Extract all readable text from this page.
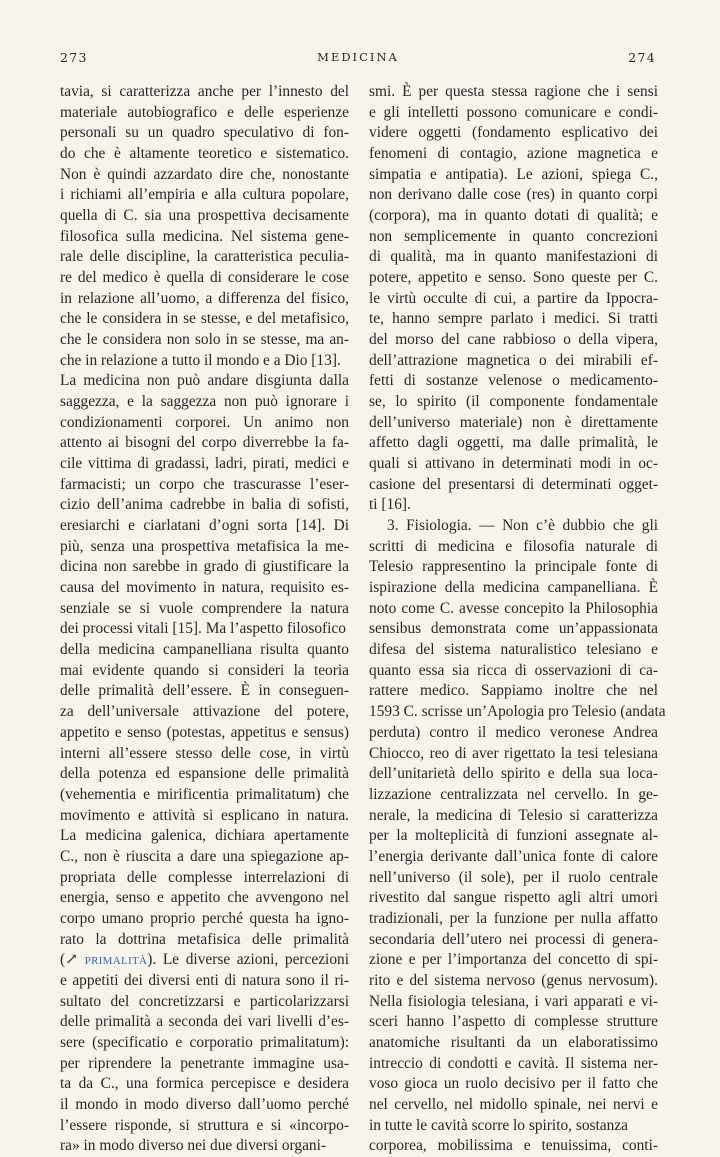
273	MEDICINA	274
tavia, si caratterizza anche per l’innesto del
materiale autobiografico e delle esperienze
personali su un quadro speculativo di fon-
do che è altamente teoretico e sistematico.
Non è quindi azzardato dire che, nonostante
i richiami all’empiria e alla cultura popolare,
quella di C. sia una prospettiva decisamente
filosofica sulla medicina. Nel sistema gene-
rale delle discipline, la caratteristica peculia-
re del medico è quella di considerare le cose
in relazione all’uomo, a differenza del fisico,
che le considera in se stesse, e del metafisico,
che le considera non solo in se stesse, ma an-
che in relazione a tutto il mondo e a Dio [13].
La medicina non può andare disgiunta dalla
saggezza, e la saggezza non può ignorare i
condizionamenti corporei. Un animo non
attento ai bisogni del corpo diverrebbe la fa-
cile vittima di gradassi, ladri, pirati, medici e
farmacisti; un corpo che trascurasse l’eser-
cizio dell’anima cadrebbe in balia di sofisti,
eresiarchi e ciarlatani d’ogni sorta [14]. Di
più, senza una prospettiva metafisica la me-
dicina non sarebbe in grado di giustificare la
causa del movimento in natura, requisito es-
senziale se si vuole comprendere la natura
dei processi vitali [15]. Ma l’aspetto filosofico
della medicina campanelliana risulta quanto
mai evidente quando si consideri la teoria
delle primalità dell’essere. È in conseguen-
za dell’universale attivazione del potere,
appetito e senso (potestas, appetitus e sensus)
interni all’essere stesso delle cose, in virtù
della potenza ed espansione delle primalità
(vehementia e mirificentia primalitatum) che
movimento e attività si esplicano in natura.
La medicina galenica, dichiara apertamente
C., non è riuscita a dare una spiegazione ap-
propriata delle complesse interrelazioni di
energia, senso e appetito che avvengono nel
corpo umano proprio perché questa ha igno-
rato la dottrina metafisica delle primalità
(↗ primalità). Le diverse azioni, percezioni
e appetiti dei diversi enti di natura sono il ri-
sultato del concretizzarsi e particolarizzarsi
delle primalità a seconda dei vari livelli d’es-
sere (specificatio e corporatio primalitatum):
per riprendere la penetrante immagine usa-
ta da C., una formica percepisce e desidera
il mondo in modo diverso dall’uomo perché
l’essere risponde, si struttura e si «incorpo-
ra» in modo diverso nei due diversi organi-
smi. È per questa stessa ragione che i sensi
e gli intelletti possono comunicare e condi-
videre oggetti (fondamento esplicativo dei
fenomeni di contagio, azione magnetica e
simpatia e antipatia). Le azioni, spiega C.,
non derivano dalle cose (res) in quanto corpi
(corpora), ma in quanto dotati di qualità; e
non semplicemente in quanto concrezioni
di qualità, ma in quanto manifestazioni di
potere, appetito e senso. Sono queste per C.
le virtù occulte di cui, a partire da Ippocra-
te, hanno sempre parlato i medici. Si tratti
del morso del cane rabbioso o della vipera,
dell’attrazione magnetica o dei mirabili ef-
fetti di sostanze velenose o medicamento-
se, lo spirito (il componente fondamentale
dell’universo materiale) non è direttamente
affetto dagli oggetti, ma dalle primalità, le
quali si attivano in determinati modi in oc-
casione del presentarsi di determinati ogget-
ti [16].
3. Fisiologia. — Non c’è dubbio che gli
scritti di medicina e filosofia naturale di
Telesio rappresentino la principale fonte di
ispirazione della medicina campanelliana. È
noto come C. avesse concepito la Philosophia
sensibus demonstrata come un’appassionata
difesa del sistema naturalistico telesiano e
quanto essa sia ricca di osservazioni di ca-
rattere medico. Sappiamo inoltre che nel
1593 C. scrisse un’Apologia pro Telesio (andata
perduta) contro il medico veronese Andrea
Chiocco, reo di aver rigettato la tesi telesiana
dell’unitarietà dello spirito e della sua loca-
lizzazione centralizzata nel cervello. In ge-
nerale, la medicina di Telesio si caratterizza
per la molteplicità di funzioni assegnate al-
l’energia derivante dall’unica fonte di calore
nell’universo (il sole), per il ruolo centrale
rivestito dal sangue rispetto agli altri umori
tradizionali, per la funzione per nulla affatto
secondaria dell’utero nei processi di genera-
zione e per l’importanza del concetto di spi-
rito e del sistema nervoso (genus nervosum).
Nella fisiologia telesiana, i vari apparati e vi-
sceri hanno l’aspetto di complesse strutture
anatomiche risultanti da un elaboratissimo
intreccio di condotti e cavità. Il sistema ner-
voso gioca un ruolo decisivo per il fatto che
nel cervello, nel midollo spinale, nei nervi e
in tutte le cavità scorre lo spirito, sostanza
corporea, mobilissima e tenuissima, conti-
